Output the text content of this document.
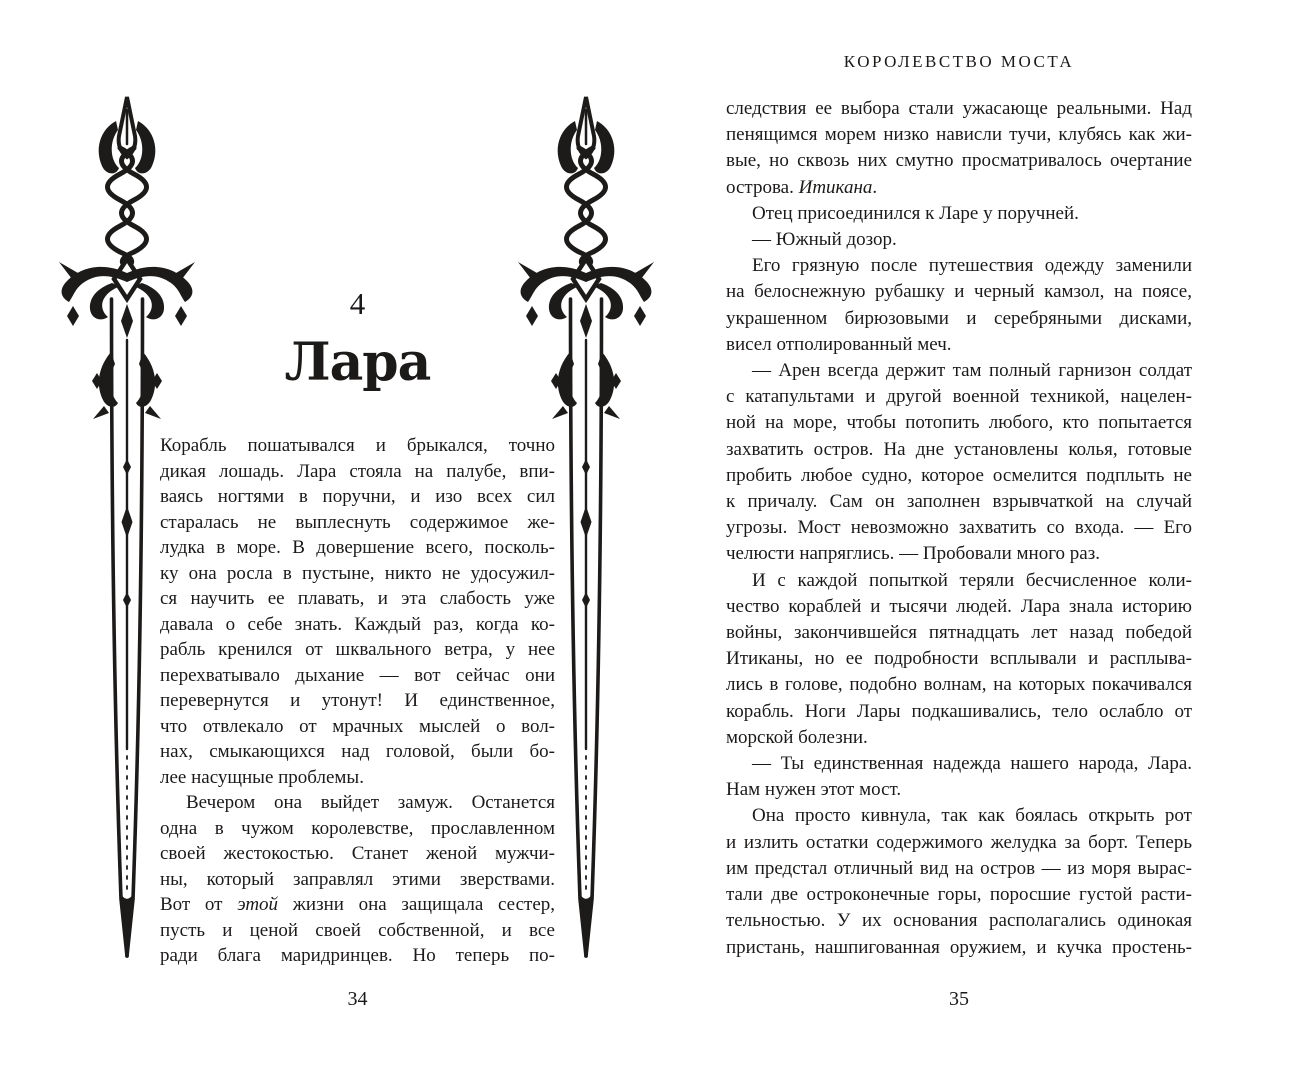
4
Лара
Корабль пошатывался и брыкался, точно
дикая лошадь. Лара стояла на палубе, впи-
ваясь ногтями в поручни, и изо всех сил
старалась не выплеснуть содержимое же-
лудка в море. В довершение всего, посколь-
ку она росла в пустыне, никто не удосужил-
ся научить ее плавать, и эта слабость уже
давала о себе знать. Каждый раз, когда ко-
рабль кренился от шквального ветра, у нее
перехватывало дыхание — вот сейчас они
перевернутся и утонут! И единственное,
что отвлекало от мрачных мыслей о вол-
нах, смыкающихся над головой, были бо-
лее насущные проблемы.
Вечером она выйдет замуж. Останется
одна в чужом королевстве, прославленном
своей жестокостью. Станет женой мужчи-
ны, который заправлял этими зверствами.
Вот от этой жизни она защищала сестер,
пусть и ценой своей собственной, и все
ради блага маридринцев. Но теперь по-
34
КОРОЛЕВСТВО МОСТА
следствия ее выбора стали ужасающе реальными. Над
пенящимся морем низко нависли тучи, клубясь как жи-
вые, но сквозь них смутно просматривалось очертание
острова. Итикана.
Отец присоединился к Ларе у поручней.
— Южный дозор.
Его грязную после путешествия одежду заменили
на белоснежную рубашку и черный камзол, на поясе,
украшенном бирюзовыми и серебряными дисками,
висел отполированный меч.
— Арен всегда держит там полный гарнизон солдат
с катапультами и другой военной техникой, нацелен-
ной на море, чтобы потопить любого, кто попытается
захватить остров. На дне установлены колья, готовые
пробить любое судно, которое осмелится подплыть не
к причалу. Сам он заполнен взрывчаткой на случай
угрозы. Мост невозможно захватить со входа. — Его
челюсти напряглись. — Пробовали много раз.
И с каждой попыткой теряли бесчисленное коли-
чество кораблей и тысячи людей. Лара знала историю
войны, закончившейся пятнадцать лет назад победой
Итиканы, но ее подробности всплывали и расплыва-
лись в голове, подобно волнам, на которых покачивался
корабль. Ноги Лары подкашивались, тело ослабло от
морской болезни.
— Ты единственная надежда нашего народа, Лара.
Нам нужен этот мост.
Она просто кивнула, так как боялась открыть рот
и излить остатки содержимого желудка за борт. Теперь
им предстал отличный вид на остров — из моря вырас-
тали две остроконечные горы, поросшие густой расти-
тельностью. У их основания располагались одинокая
пристань, нашпигованная оружием, и кучка простень-
35
